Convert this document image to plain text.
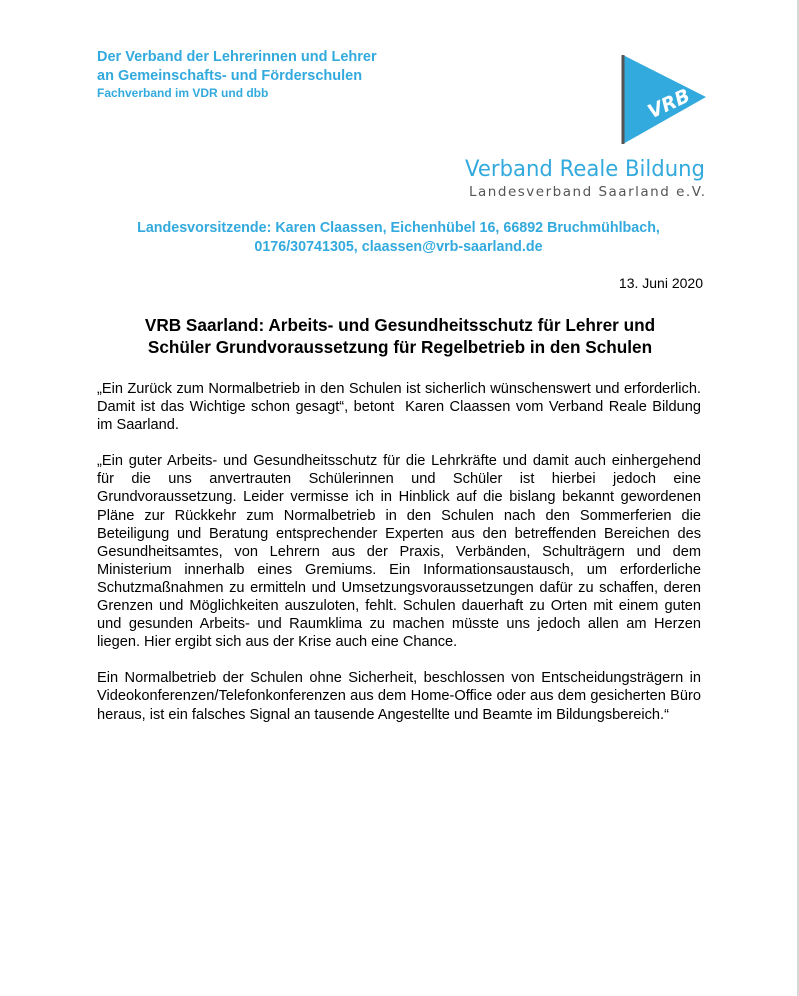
Der Verband der Lehrerinnen und Lehrer
an Gemeinschafts- und Förderschulen
Fachverband im VDR und dbb	VRB
Verband Reale Bildung
Landesverband Saarland e.V.
Landesvorsitzende: Karen Claassen, Eichenhübel 16, 66892 Bruchmühlbach,
0176/30741305, claassen@vrb-saarland.de
13. Juni 2020
VRB Saarland: Arbeits- und Gesundheitsschutz für Lehrer und
Schüler Grundvoraussetzung für Regelbetrieb in den Schulen

„Ein Zurück zum Normalbetrieb in den Schulen ist sicherlich wünschenswert und erforderlich. Damit ist das Wichtige schon gesagt“, betont  Karen Claassen vom Verband Reale Bildung im Saarland.

„Ein guter Arbeits- und Gesundheitsschutz für die Lehrkräfte und damit auch einhergehend für die uns anvertrauten Schülerinnen und Schüler ist hierbei jedoch eine Grundvoraussetzung. Leider vermisse ich in Hinblick auf die bislang bekannt gewordenen Pläne zur Rückkehr zum Normalbetrieb in den Schulen nach den Sommerferien die Beteiligung und Beratung entsprechender Experten aus den betreffenden Bereichen des Gesundheitsamtes, von Lehrern aus der Praxis, Verbänden, Schulträgern und dem Ministerium innerhalb eines Gremiums. Ein Informationsaustausch, um erforderliche  Schutzmaßnahmen zu ermitteln und Umsetzungsvoraussetzungen dafür zu schaffen, deren Grenzen und Möglichkeiten auszuloten, fehlt. Schulen dauerhaft zu Orten mit einem guten und gesunden Arbeits- und Raumklima zu machen müsste uns jedoch allen am Herzen liegen. Hier ergibt sich aus der Krise auch eine Chance.

Ein Normalbetrieb der Schulen ohne Sicherheit, beschlossen von Entscheidungsträgern in Videokonferenzen/Telefonkonferenzen aus dem Home-Office oder aus dem gesicherten Büro heraus, ist ein falsches Signal an tausende Angestellte und Beamte im Bildungsbereich.“
